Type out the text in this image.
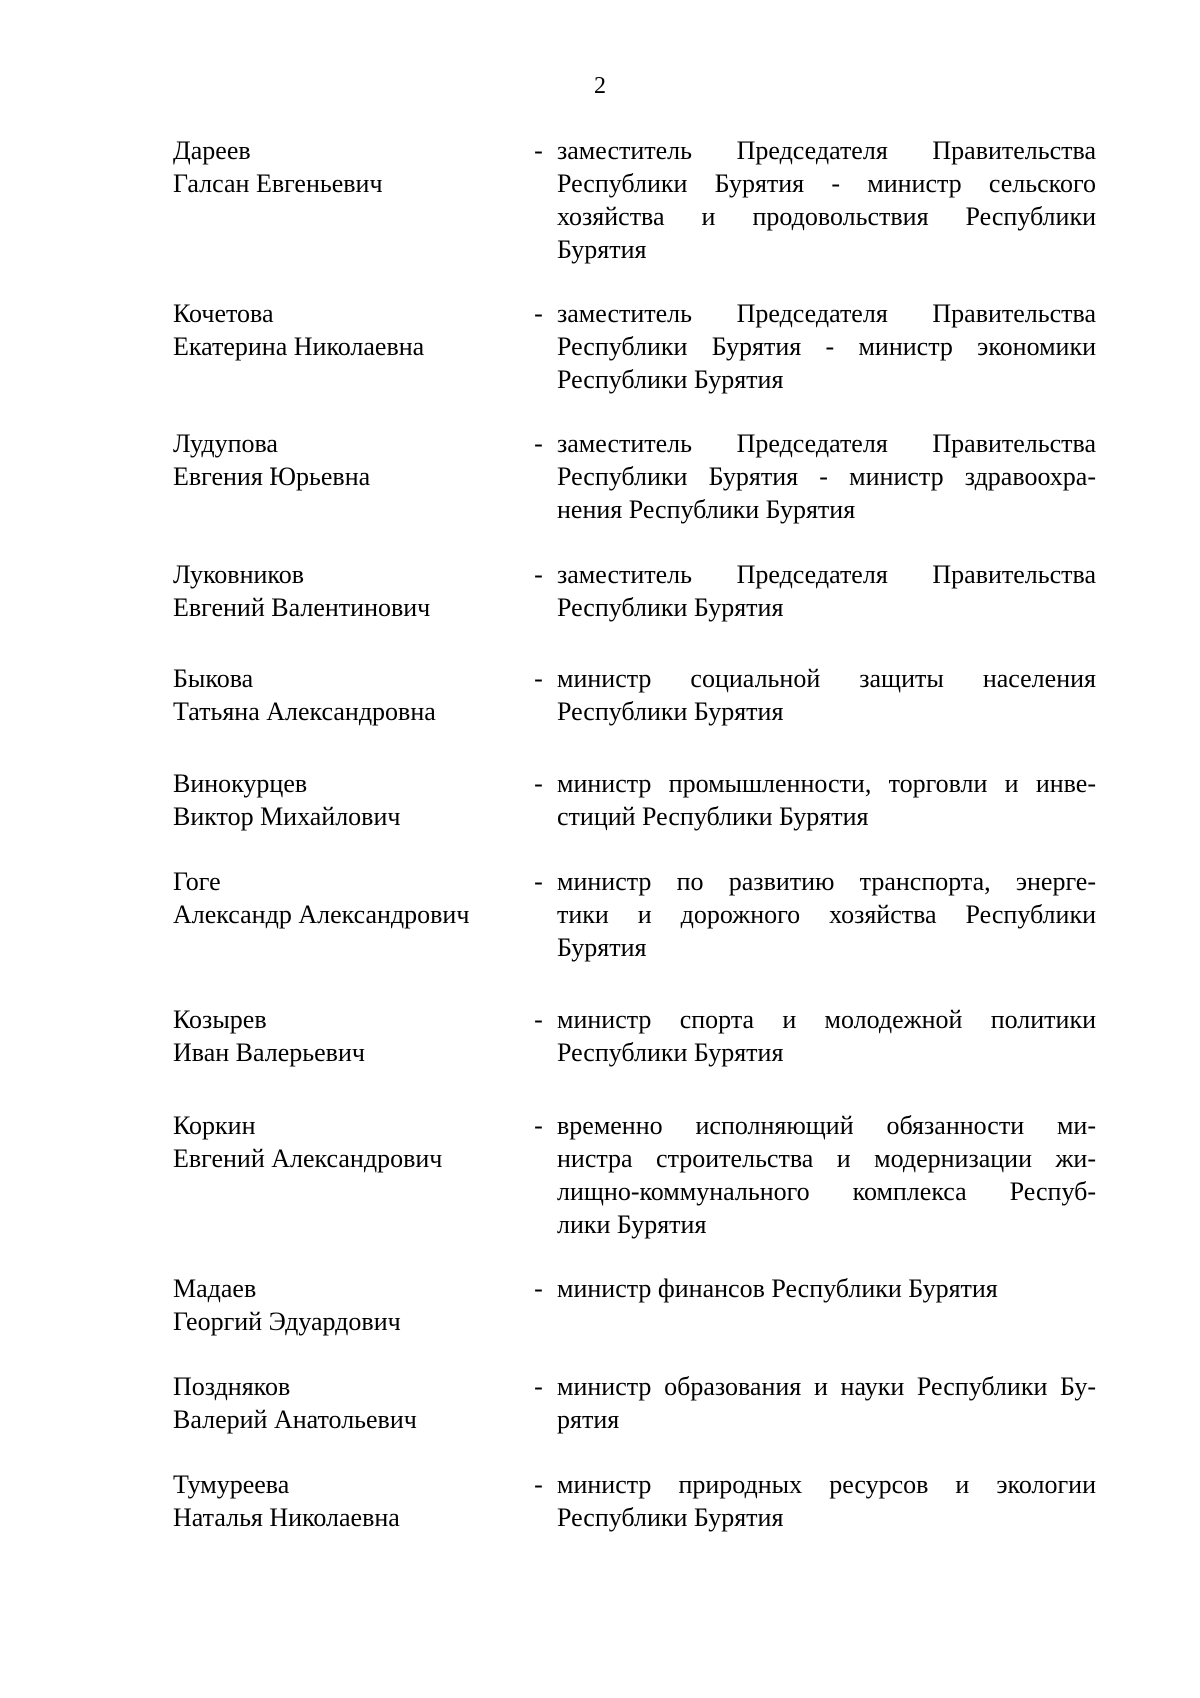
2
Дареев
Галсан Евгеньевич
- заместитель Председателя Правительства
Республики Бурятия - министр сельского
хозяйства и продовольствия Республики
Бурятия
Кочетова
Екатерина Николаевна
- заместитель Председателя Правительства
Республики Бурятия - министр экономики
Республики Бурятия
Лудупова
Евгения Юрьевна
- заместитель Председателя Правительства
Республики Бурятия - министр здравоохра-
нения Республики Бурятия
Луковников
Евгений Валентинович
- заместитель Председателя Правительства
Республики Бурятия
Быкова
Татьяна Александровна
- министр социальной защиты населения
Республики Бурятия
Винокурцев
Виктор Михайлович
- министр промышленности, торговли и инве-
стиций Республики Бурятия
Гоге
Александр Александрович
- министр по развитию транспорта, энерге-
тики и дорожного хозяйства Республики
Бурятия
Козырев
Иван Валерьевич
- министр спорта и молодежной политики
Республики Бурятия
Коркин
Евгений Александрович
- временно исполняющий обязанности ми-
нистра строительства и модернизации жи-
лищно-коммунального комплекса Респуб-
лики Бурятия
Мадаев
Георгий Эдуардович
- министр финансов Республики Бурятия
Поздняков
Валерий Анатольевич
- министр образования и науки Республики Бу-
рятия
Тумуреева
Наталья Николаевна
- министр природных ресурсов и экологии
Республики Бурятия
